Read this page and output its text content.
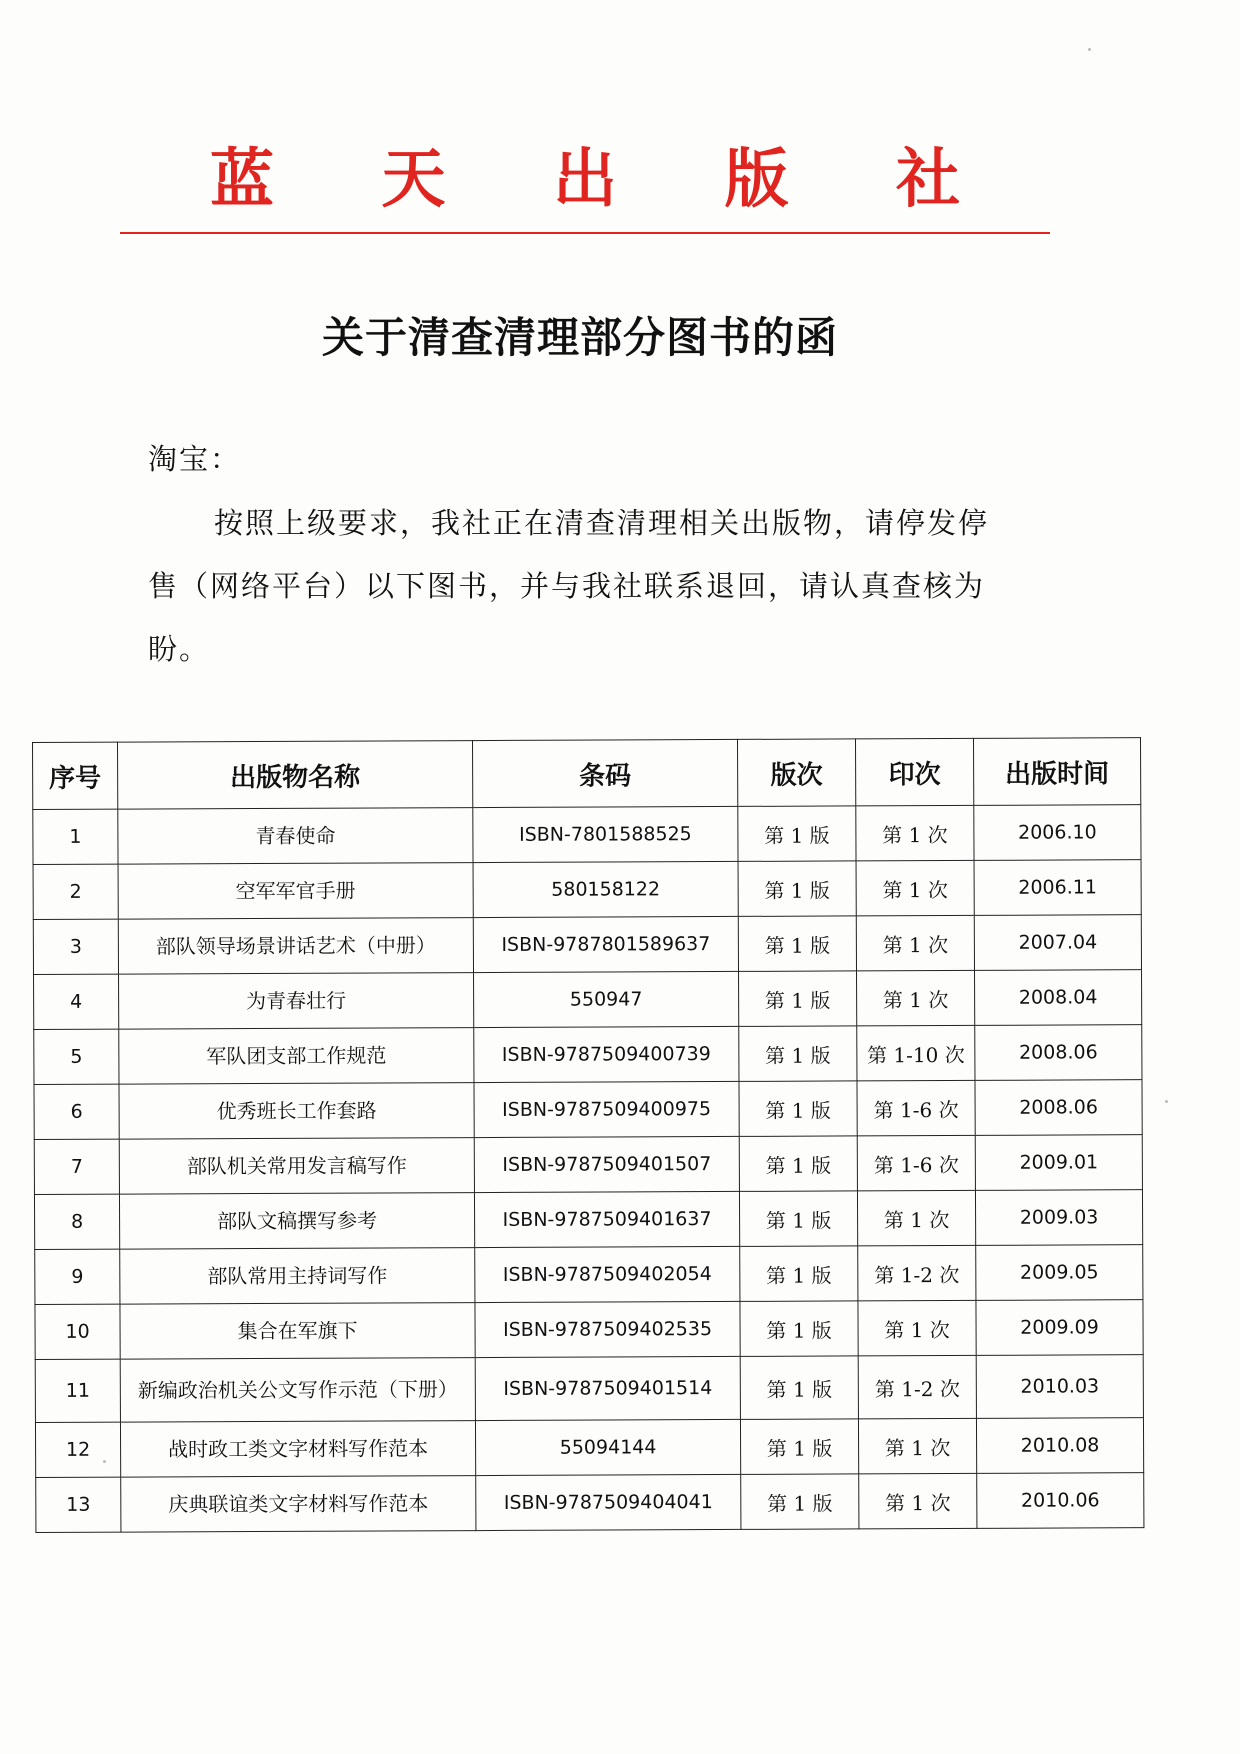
蓝 天 出 版 社
关于清查清理部分图书的函
淘宝：
按照上级要求，我社正在清查清理相关出版物，请停发停售（网络平台）以下图书，并与我社联系退回，请认真查核为盼。
序号	出版物名称	条码	版次	印次	出版时间
1	青春使命	ISBN-7801588525	第 1 版	第 1 次	2006.10
2	空军军官手册	580158122	第 1 版	第 1 次	2006.11
3	部队领导场景讲话艺术（中册）	ISBN-9787801589637	第 1 版	第 1 次	2007.04
4	为青春壮行	550947	第 1 版	第 1 次	2008.04
5	军队团支部工作规范	ISBN-9787509400739	第 1 版	第 1-10 次	2008.06
6	优秀班长工作套路	ISBN-9787509400975	第 1 版	第 1-6 次	2008.06
7	部队机关常用发言稿写作	ISBN-9787509401507	第 1 版	第 1-6 次	2009.01
8	部队文稿撰写参考	ISBN-9787509401637	第 1 版	第 1 次	2009.03
9	部队常用主持词写作	ISBN-9787509402054	第 1 版	第 1-2 次	2009.05
10	集合在军旗下	ISBN-9787509402535	第 1 版	第 1 次	2009.09
11	新编政治机关公文写作示范（下册）	ISBN-9787509401514	第 1 版	第 1-2 次	2010.03
12	战时政工类文字材料写作范本	55094144	第 1 版	第 1 次	2010.08
13	庆典联谊类文字材料写作范本	ISBN-9787509404041	第 1 版	第 1 次	2010.06
